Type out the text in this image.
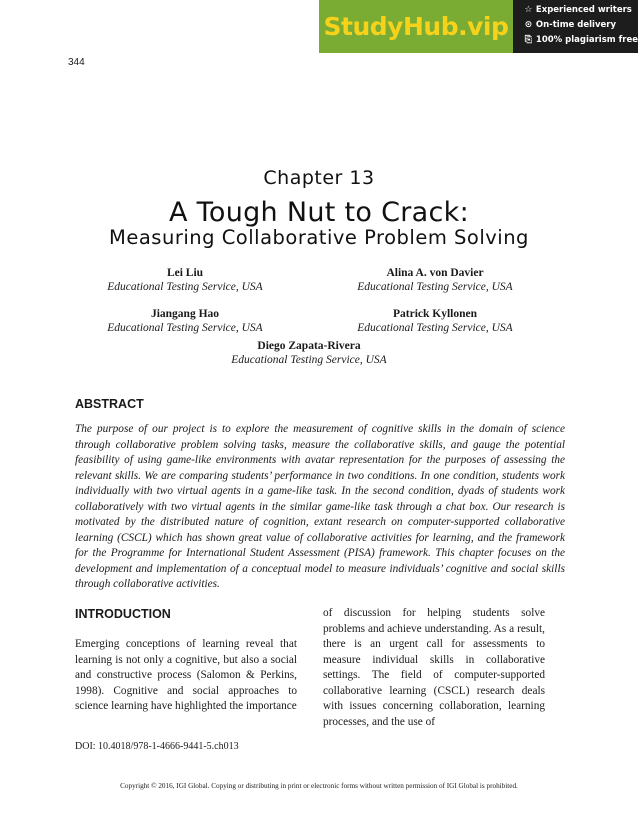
StudyHub.vip
☆ Experienced writers
⊙ On-time delivery
⎘ 100% plagiarism free
344
Chapter 13
A Tough Nut to Crack:
Measuring Collaborative Problem Solving
Lei Liu
Educational Testing Service, USA
Alina A. von Davier
Educational Testing Service, USA
Jiangang Hao
Educational Testing Service, USA
Patrick Kyllonen
Educational Testing Service, USA
Diego Zapata-Rivera
Educational Testing Service, USA
ABSTRACT

The purpose of our project is to explore the measurement of cognitive skills in the domain of science through collaborative problem solving tasks, measure the collaborative skills, and gauge the potential feasibility of using game-like environments with avatar representation for the purposes of assessing the relevant skills. We are comparing students’ performance in two conditions. In one condition, students work individually with two virtual agents in a game-like task. In the second condition, dyads of students work collaboratively with two virtual agents in the similar game-like task through a chat box. Our research is motivated by the distributed nature of cognition, extant research on computer-supported collaborative learning (CSCL) which has shown great value of collaborative activities for learning, and the framework for the Programme for International Student Assessment (PISA) framework. This chapter focuses on the development and implementation of a conceptual model to measure individuals’ cognitive and social skills through collaborative activities.

INTRODUCTION

Emerging conceptions of learning reveal that learning is not only a cognitive, but also a social and constructive process (Salomon & Perkins, 1998). Cognitive and social approaches to science learning have highlighted the importance

of discussion for helping students solve problems and achieve understanding. As a result, there is an urgent call for assessments to measure individual skills in collaborative settings. The field of computer-supported collaborative learning (CSCL) research deals with issues concerning collaboration, learning processes, and the use of

DOI: 10.4018/978-1-4666-9441-5.ch013
Copyright © 2016, IGI Global. Copying or distributing in print or electronic forms without written permission of IGI Global is prohibited.
